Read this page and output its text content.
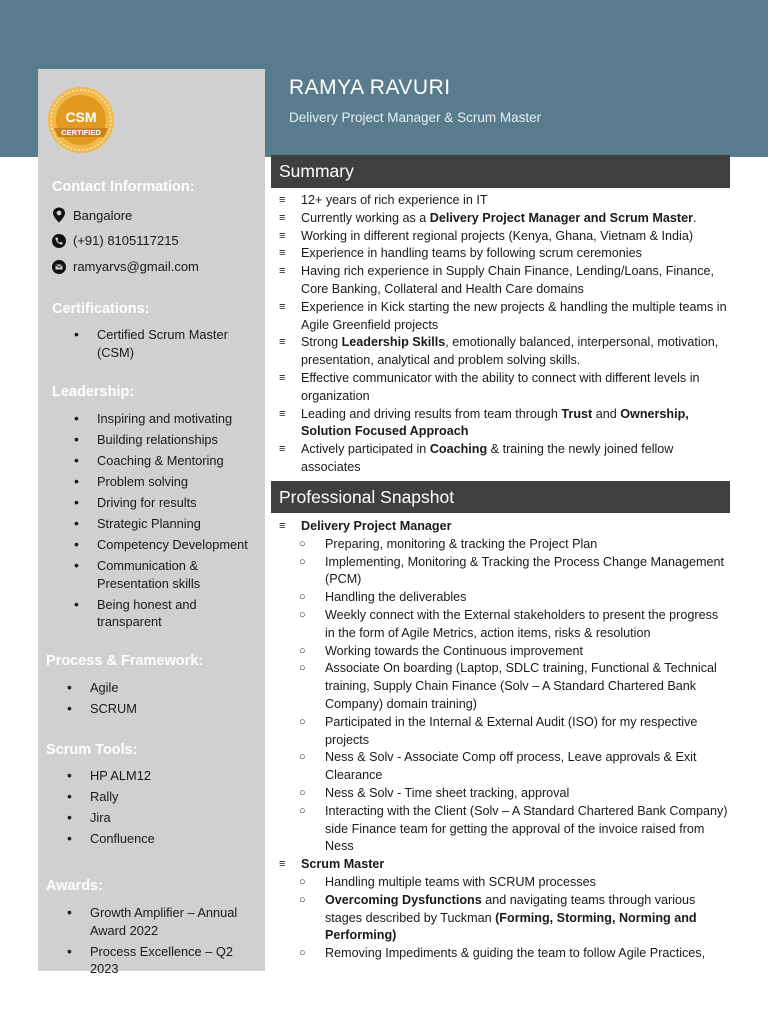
CSM
CERTIFIED
RAMYA RAVURI
Delivery Project Manager & Scrum Master
Contact Information:
Bangalore
(+91) 8105117215
ramyarvs@gmail.com
Certifications:
• Certified Scrum Master (CSM)
Leadership:
• Inspiring and motivating
• Building relationships
• Coaching & Mentoring
• Problem solving
• Driving for results
• Strategic Planning
• Competency Development
• Communication & Presentation skills
• Being honest and transparent
Process & Framework:
• Agile
• SCRUM
Scrum Tools:
• HP ALM12
• Rally
• Jira
• Confluence
Awards:
• Growth Amplifier – Annual Award 2022
• Process Excellence – Q2 2023
Summary
≡ 12+ years of rich experience in IT
≡ Currently working as a Delivery Project Manager and Scrum Master.
≡ Working in different regional projects (Kenya, Ghana, Vietnam & India)
≡ Experience in handling teams by following scrum ceremonies
≡ Having rich experience in Supply Chain Finance, Lending/Loans, Finance, Core Banking, Collateral and Health Care domains
≡ Experience in Kick starting the new projects & handling the multiple teams in Agile Greenfield projects
≡ Strong Leadership Skills, emotionally balanced, interpersonal, motivation, presentation, analytical and problem solving skills.
≡ Effective communicator with the ability to connect with different levels in organization
≡ Leading and driving results from team through Trust and Ownership, Solution Focused Approach
≡ Actively participated in Coaching & training the newly joined fellow associates
Professional Snapshot
≡ Delivery Project Manager
○ Preparing, monitoring & tracking the Project Plan
○ Implementing, Monitoring & Tracking the Process Change Management (PCM)
○ Handling the deliverables
○ Weekly connect with the External stakeholders to present the progress in the form of Agile Metrics, action items, risks & resolution
○ Working towards the Continuous improvement
○ Associate On boarding (Laptop, SDLC training, Functional & Technical training, Supply Chain Finance (Solv – A Standard Chartered Bank Company) domain training)
○ Participated in the Internal & External Audit (ISO) for my respective projects
○ Ness & Solv - Associate Comp off process, Leave approvals & Exit Clearance
○ Ness & Solv - Time sheet tracking, approval
○ Interacting with the Client (Solv – A Standard Chartered Bank Company) side Finance team for getting the approval of the invoice raised from Ness
≡ Scrum Master
○ Handling multiple teams with SCRUM processes
○ Overcoming Dysfunctions and navigating teams through various stages described by Tuckman (Forming, Storming, Norming and Performing)
○ Removing Impediments & guiding the team to follow Agile Practices,
